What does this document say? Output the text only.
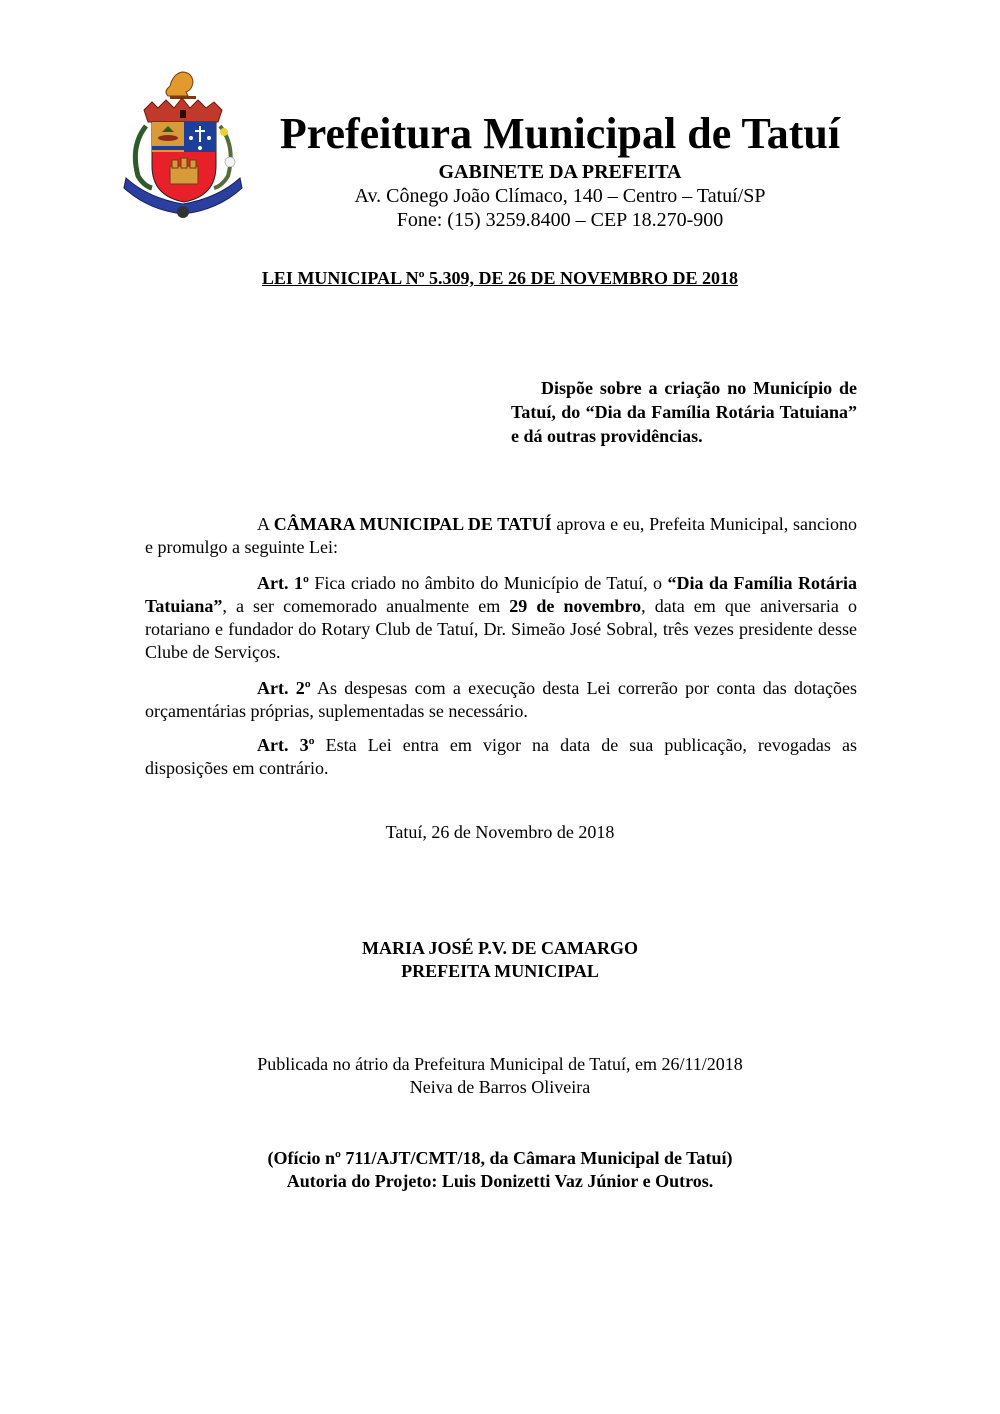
Prefeitura Municipal de Tatuí
GABINETE DA PREFEITA
Av. Cônego João Clímaco, 140 – Centro – Tatuí/SP
Fone: (15) 3259.8400 – CEP 18.270-900
LEI MUNICIPAL Nº 5.309, DE 26 DE NOVEMBRO DE 2018
Dispõe sobre a criação no Município de Tatuí, do “Dia da Família Rotária Tatuiana” e dá outras providências.

A CÂMARA MUNICIPAL DE TATUÍ aprova e eu, Prefeita Municipal, sanciono e promulgo a seguinte Lei:

Art. 1º Fica criado no âmbito do Município de Tatuí, o “Dia da Família Rotária Tatuiana”, a ser comemorado anualmente em 29 de novembro, data em que aniversaria o rotariano e fundador do Rotary Club de Tatuí, Dr. Simeão José Sobral, três vezes presidente desse Clube de Serviços.

Art. 2º As despesas com a execução desta Lei correrão por conta das dotações orçamentárias próprias, suplementadas se necessário.

Art. 3º Esta Lei entra em vigor na data de sua publicação, revogadas as disposições em contrário.

Tatuí, 26 de Novembro de 2018
MARIA JOSÉ P.V. DE CAMARGO
PREFEITA MUNICIPAL
Publicada no átrio da Prefeitura Municipal de Tatuí, em 26/11/2018
Neiva de Barros Oliveira
(Ofício nº 711/AJT/CMT/18, da Câmara Municipal de Tatuí)
Autoria do Projeto: Luis Donizetti Vaz Júnior e Outros.
